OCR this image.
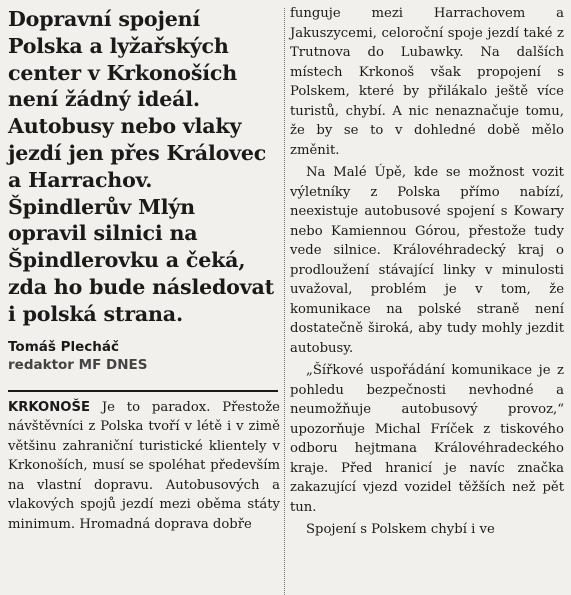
Dopravní spojení Polska a lyžařských center v Krkonoších není žádný ideál. Autobusy nebo vlaky jezdí jen přes Královec a Harrachov. Špindlerův Mlýn opravil silnici na Špindlerovku a čeká, zda ho bude následovat i polská strana.
Tomáš Plecháč
redaktor MF DNES

KRKONOŠE Je to paradox. Přestože návštěvníci z Polska tvoří v létě i v zimě většinu zahraniční turistické klientely v Krkonoších, musí se spoléhat především na vlastní dopravu. Autobusových a vlakových spojů jezdí mezi oběma státy minimum. Hromadná doprava dobře

funguje mezi Harrachovem a Jakuszycemi, celoroční spoje jezdí také z Trutnova do Lubawky. Na dalších místech Krkonoš však propojení s Polskem, které by přilákalo ještě více turistů, chybí. A nic nenaznačuje tomu, že by se to v dohledné době mělo změnit.

Na Malé Úpě, kde se možnost vozit výletníky z Polska přímo nabízí, neexistuje autobusové spojení s Kowary nebo Kamiennou Górou, přestože tudy vede silnice. Královéhradecký kraj o prodloužení stávající linky v minulosti uvažoval, problém je v tom, že komunikace na polské straně není dostatečně široká, aby tudy mohly jezdit autobusy.

„Šířkové uspořádání komunikace je z pohledu bezpečnosti nevhodné a neumožňuje autobusový provoz,“ upozorňuje Michal Fríček z tiskového odboru hejtmana Královéhradeckého kraje. Před hranicí je navíc značka zakazující vjezd vozidel těžších než pět tun.

Spojení s Polskem chybí i ve
